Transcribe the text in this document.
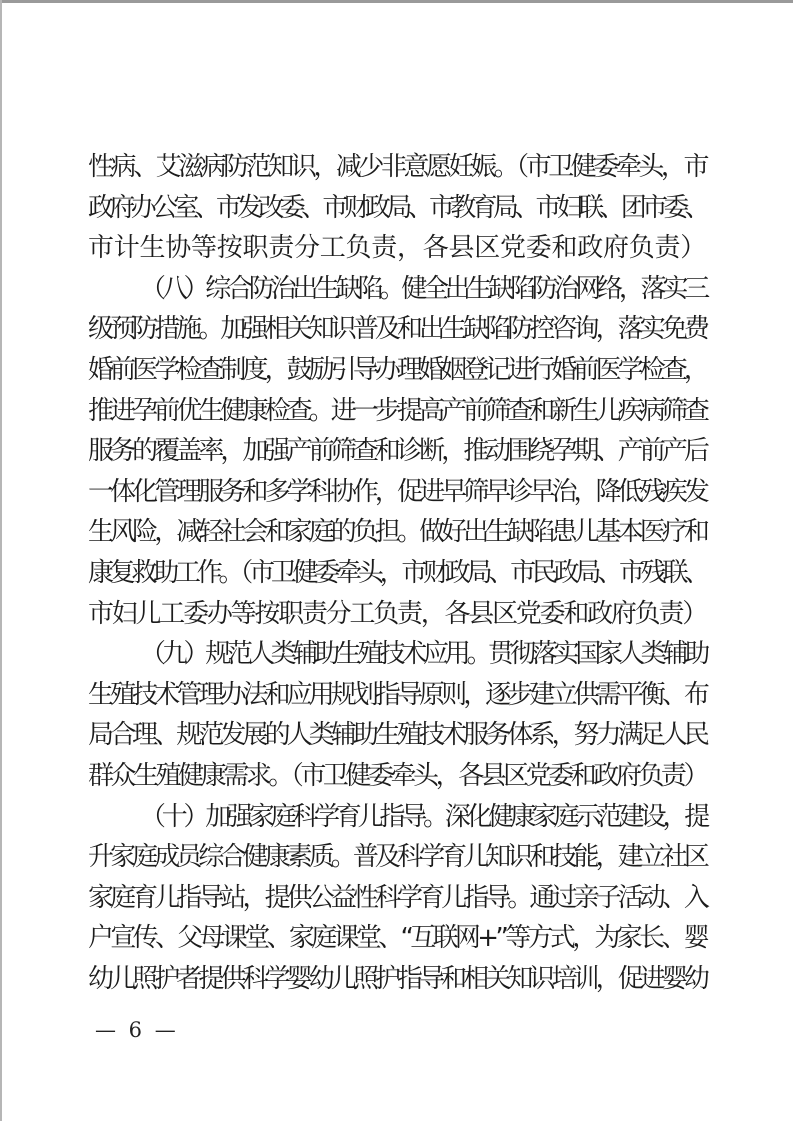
性病、艾滋病防范知识，减少非意愿妊娠。（市卫健委牵头，市
政府办公室、市发改委、市财政局、市教育局、市妇联、团市委、
市计生协等按职责分工负责，各县区党委和政府负责）
（八）综合防治出生缺陷。健全出生缺陷防治网络，落实三
级预防措施。加强相关知识普及和出生缺陷防控咨询，落实免费
婚前医学检查制度，鼓励引导办理婚姻登记进行婚前医学检查，
推进孕前优生健康检查。进一步提高产前筛查和新生儿疾病筛查
服务的覆盖率，加强产前筛查和诊断，推动围绕孕期、产前产后
一体化管理服务和多学科协作，促进早筛早诊早治，降低残疾发
生风险，减轻社会和家庭的负担。做好出生缺陷患儿基本医疗和
康复救助工作。（市卫健委牵头，市财政局、市民政局、市残联、
市妇儿工委办等按职责分工负责，各县区党委和政府负责）
（九）规范人类辅助生殖技术应用。贯彻落实国家人类辅助
生殖技术管理办法和应用规划指导原则，逐步建立供需平衡、布
局合理、规范发展的人类辅助生殖技术服务体系，努力满足人民
群众生殖健康需求。（市卫健委牵头，各县区党委和政府负责）
（十）加强家庭科学育儿指导。深化健康家庭示范建设，提
升家庭成员综合健康素质。普及科学育儿知识和技能，建立社区
家庭育儿指导站，提供公益性科学育儿指导。通过亲子活动、入
户宣传、父母课堂、家庭课堂、“互联网+”等方式，为家长、婴
幼儿照护者提供科学婴幼儿照护指导和相关知识培训，促进婴幼
— 6 —
